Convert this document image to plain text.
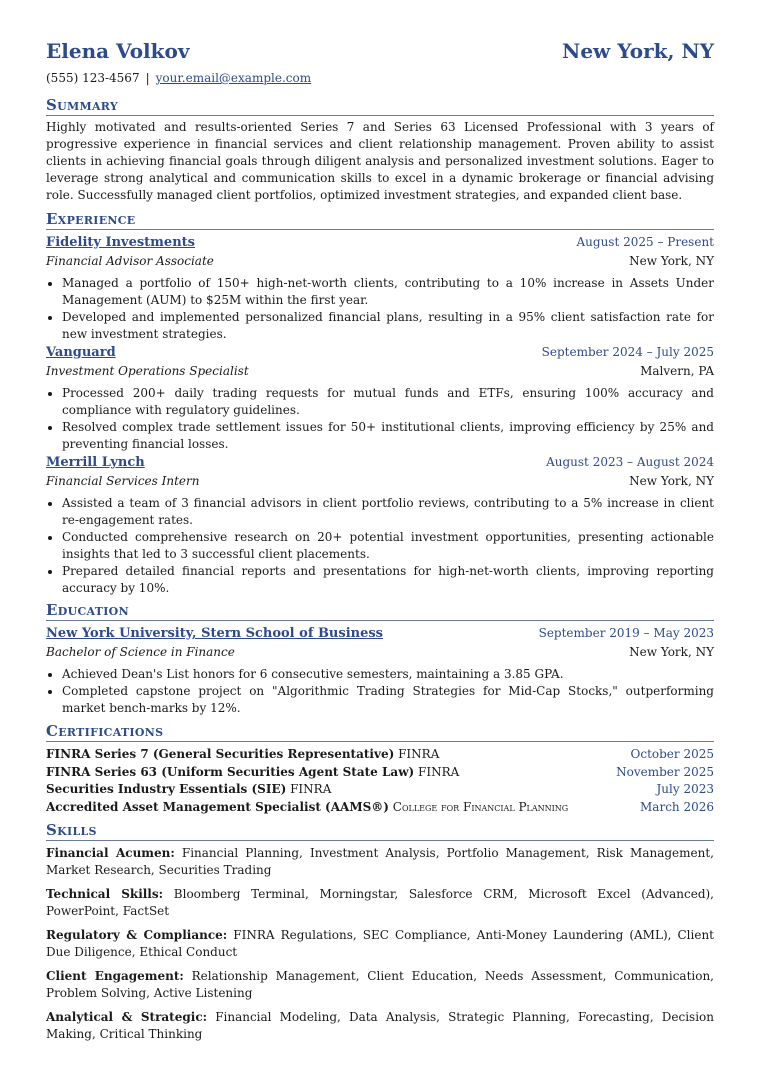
Elena Volkov	New York, NY
(555) 123-4567 | your.email@example.com
Summary
Highly motivated and results-oriented Series 7 and Series 63 Licensed Professional with 3 years of progressive experience in financial services and client relationship management. Proven ability to assist clients in achieving financial goals through diligent analysis and personalized investment solutions. Eager to leverage strong analytical and communication skills to excel in a dynamic brokerage or financial advising role. Successfully managed client portfolios, optimized investment strategies, and expanded client base.
Experience
Fidelity Investments	August 2025 – Present
Financial Advisor Associate	New York, NY
• Managed a portfolio of 150+ high-net-worth clients, contributing to a 10% increase in Assets Under Management (AUM) to $25M within the first year.
• Developed and implemented personalized financial plans, resulting in a 95% client satisfaction rate for new investment strategies.
Vanguard	September 2024 – July 2025
Investment Operations Specialist	Malvern, PA
• Processed 200+ daily trading requests for mutual funds and ETFs, ensuring 100% accuracy and compliance with regulatory guidelines.
• Resolved complex trade settlement issues for 50+ institutional clients, improving efficiency by 25% and preventing financial losses.
Merrill Lynch	August 2023 – August 2024
Financial Services Intern	New York, NY
• Assisted a team of 3 financial advisors in client portfolio reviews, contributing to a 5% increase in client re-engagement rates.
• Conducted comprehensive research on 20+ potential investment opportunities, presenting actionable insights that led to 3 successful client placements.
• Prepared detailed financial reports and presentations for high-net-worth clients, improving reporting accuracy by 10%.
Education
New York University, Stern School of Business	September 2019 – May 2023
Bachelor of Science in Finance	New York, NY
• Achieved Dean's List honors for 6 consecutive semesters, maintaining a 3.85 GPA.
• Completed capstone project on "Algorithmic Trading Strategies for Mid-Cap Stocks," outperforming market bench-marks by 12%.
Certifications
FINRA Series 7 (General Securities Representative) FINRA	October 2025
FINRA Series 63 (Uniform Securities Agent State Law) FINRA	November 2025
Securities Industry Essentials (SIE) FINRA	July 2023
Accredited Asset Management Specialist (AAMS®) College for Financial Planning	March 2026
Skills
Financial Acumen: Financial Planning, Investment Analysis, Portfolio Management, Risk Management, Market Research, Securities Trading
Technical Skills: Bloomberg Terminal, Morningstar, Salesforce CRM, Microsoft Excel (Advanced), PowerPoint, FactSet
Regulatory & Compliance: FINRA Regulations, SEC Compliance, Anti-Money Laundering (AML), Client Due Diligence, Ethical Conduct
Client Engagement: Relationship Management, Client Education, Needs Assessment, Communication, Problem Solving, Active Listening
Analytical & Strategic: Financial Modeling, Data Analysis, Strategic Planning, Forecasting, Decision Making, Critical Thinking
